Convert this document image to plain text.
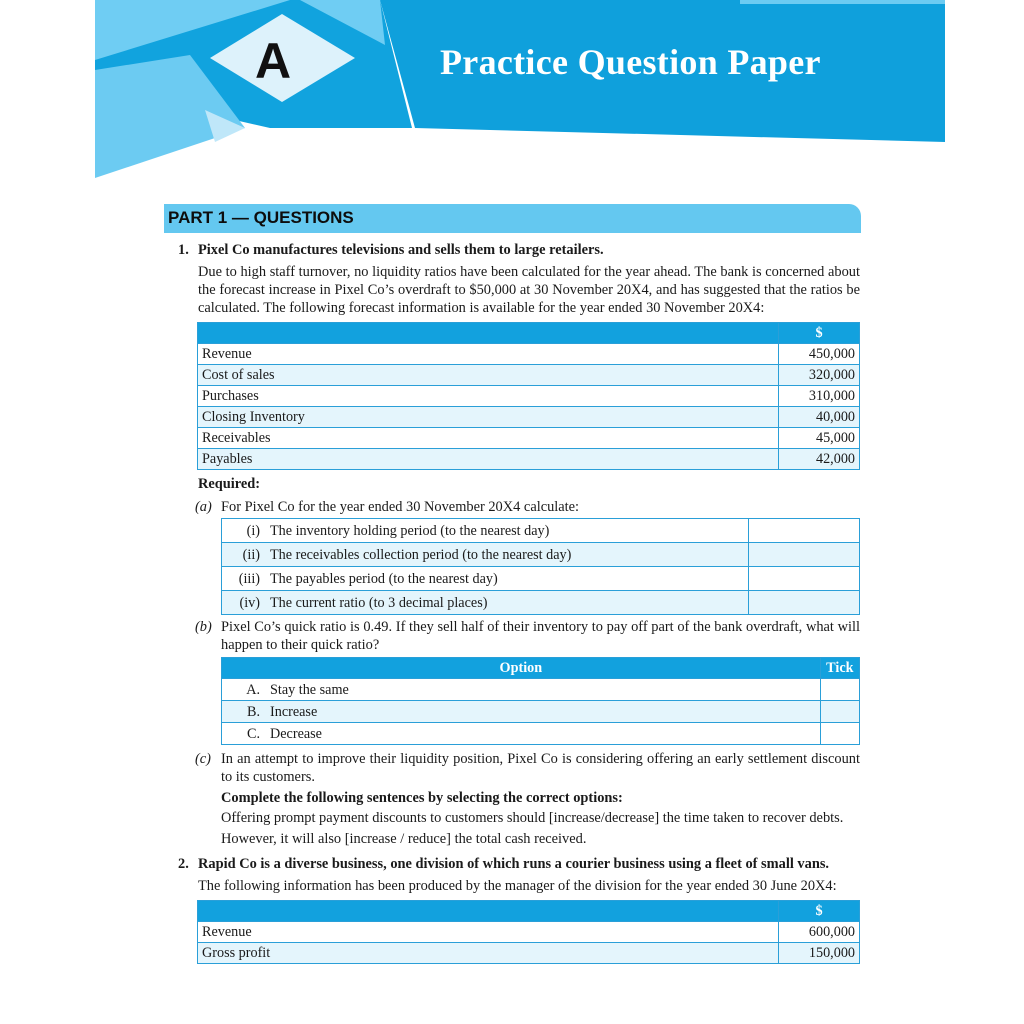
A	Practice Question Paper
PART 1 — QUESTIONS
1. Pixel Co manufactures televisions and sells them to large retailers.
Due to high staff turnover, no liquidity ratios have been calculated for the year ahead. The bank is concerned about the forecast increase in Pixel Co’s overdraft to $50,000 at 30 November 20X4, and has suggested that the ratios be calculated. The following forecast information is available for the year ended 30 November 20X4:
	$
Revenue	450,000
Cost of sales	320,000
Purchases	310,000
Closing Inventory	40,000
Receivables	45,000
Payables	42,000
Required:
(a) For Pixel Co for the year ended 30 November 20X4 calculate:
(i)	The inventory holding period (to the nearest day)	
(ii)	The receivables collection period (to the nearest day)	
(iii)	The payables period (to the nearest day)	
(iv)	The current ratio (to 3 decimal places)	
(b) Pixel Co’s quick ratio is 0.49. If they sell half of their inventory to pay off part of the bank overdraft, what will happen to their quick ratio?
Option		Tick
A.	Stay the same	
B.	Increase	
C.	Decrease	
(c) In an attempt to improve their liquidity position, Pixel Co is considering offering an early settlement discount to its customers.
Complete the following sentences by selecting the correct options:
Offering prompt payment discounts to customers should [increase/decrease] the time taken to recover debts.
However, it will also [increase / reduce] the total cash received.
2. Rapid Co is a diverse business, one division of which runs a courier business using a fleet of small vans.
The following information has been produced by the manager of the division for the year ended 30 June 20X4:
	$
Revenue	600,000
Gross profit	150,000
